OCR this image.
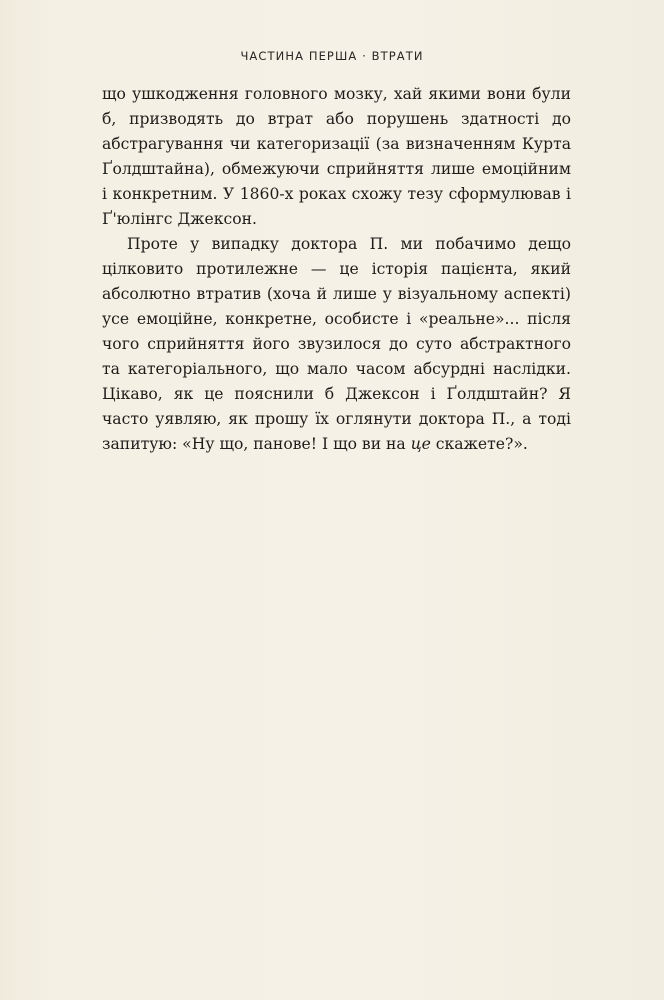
ЧАСТИНА ПЕРША · ВТРАТИ

що ушкодження головного мозку, хай якими вони були б, призводять до втрат або порушень здатності до абстрагування чи категоризації (за визначенням Курта Ґолдштайна), обмежуючи сприйняття лише емоційним і конкретним. У 1860-х роках схожу тезу сформулював і Ґ'юлінгс Джексон.

Проте у випадку доктора П. ми побачимо дещо цілковито протилежне — це історія пацієнта, який абсолютно втратив (хоча й лише у візуальному аспекті) усе емоційне, конкретне, особисте і «реальне»... після чого сприйняття його звузилося до суто абстрактного та категоріального, що мало часом абсурдні наслідки. Цікаво, як це пояснили б Джексон і Ґолдштайн? Я часто уявляю, як прошу їх оглянути доктора П., а тоді запитую: «Ну що, панове! І що ви на це скажете?».
